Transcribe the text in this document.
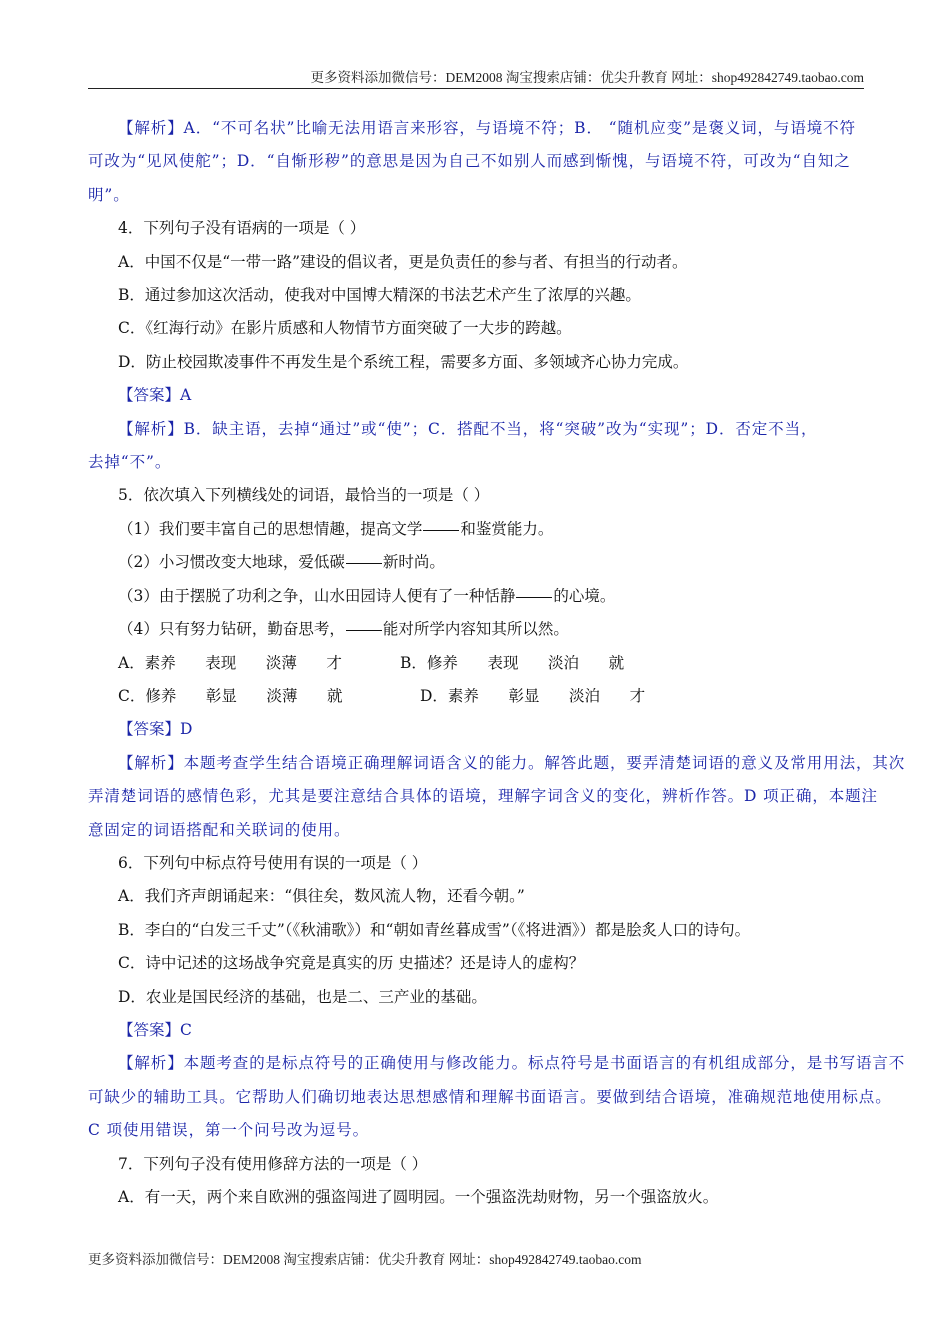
更多资料添加微信号：DEM2008 淘宝搜索店铺：优尖升教育 网址：shop492842749.taobao.com
【解析】A．“不可名状”比喻无法用语言来形容，与语境不符；B． “随机应变”是褒义词，与语境不符
可改为“见风使舵”；D．“自惭形秽”的意思是因为自己不如别人而感到惭愧，与语境不符，可改为“自知之
明”。
4．下列句子没有语病的一项是（ ）
A．中国不仅是“一带一路”建设的倡议者，更是负责任的参与者、有担当的行动者。
B．通过参加这次活动，使我对中国博大精深的书法艺术产生了浓厚的兴趣。
C．《红海行动》在影片质感和人物情节方面突破了一大步的跨越。
D．防止校园欺凌事件不再发生是个系统工程，需要多方面、多领域齐心协力完成。
【答案】A
【解析】B．缺主语，去掉“通过”或“使”；C．搭配不当，将“突破”改为“实现”；D．否定不当，
去掉“不”。
5．依次填入下列横线处的词语，最恰当的一项是（ ）
（1）我们要丰富自己的思想情趣，提高文学 和鉴赏能力。
（2）小习惯改变大地球，爱低碳 新时尚。
（3）由于摆脱了功利之争，山水田园诗人便有了一种恬静 的心境。
（4）只有努力钻研，勤奋思考， 能对所学内容知其所以然。
A．素养      表现      淡薄      才	B．修养      表现      淡泊      就
C．修养      彰显      淡薄      就	D．素养      彰显      淡泊      才
【答案】D
【解析】本题考查学生结合语境正确理解词语含义的能力。解答此题，要弄清楚词语的意义及常用用法，其次
弄清楚词语的感情色彩，尤其是要注意结合具体的语境，理解字词含义的变化，辨析作答。D 项正确，本题注
意固定的词语搭配和关联词的使用。
6．下列句中标点符号使用有误的一项是（ ）
A．我们齐声朗诵起来：“俱往矣，数风流人物，还看今朝。”
B．李白的“白发三千丈”（《秋浦歌》）和“朝如青丝暮成雪”（《将进酒》）都是脍炙人口的诗句。
C．诗中记述的这场战争究竟是真实的历 史描述？还是诗人的虚构？
D．农业是国民经济的基础，也是二、三产业的基础。
【答案】C
【解析】本题考查的是标点符号的正确使用与修改能力。标点符号是书面语言的有机组成部分，是书写语言不
可缺少的辅助工具。它帮助人们确切地表达思想感情和理解书面语言。要做到结合语境，准确规范地使用标点。
C 项使用错误，第一个问号改为逗号。
7．下列句子没有使用修辞方法的一项是（ ）
A．有一天，两个来自欧洲的强盗闯进了圆明园。一个强盗洗劫财物，另一个强盗放火。
更多资料添加微信号：DEM2008 淘宝搜索店铺：优尖升教育 网址：shop492842749.taobao.com
